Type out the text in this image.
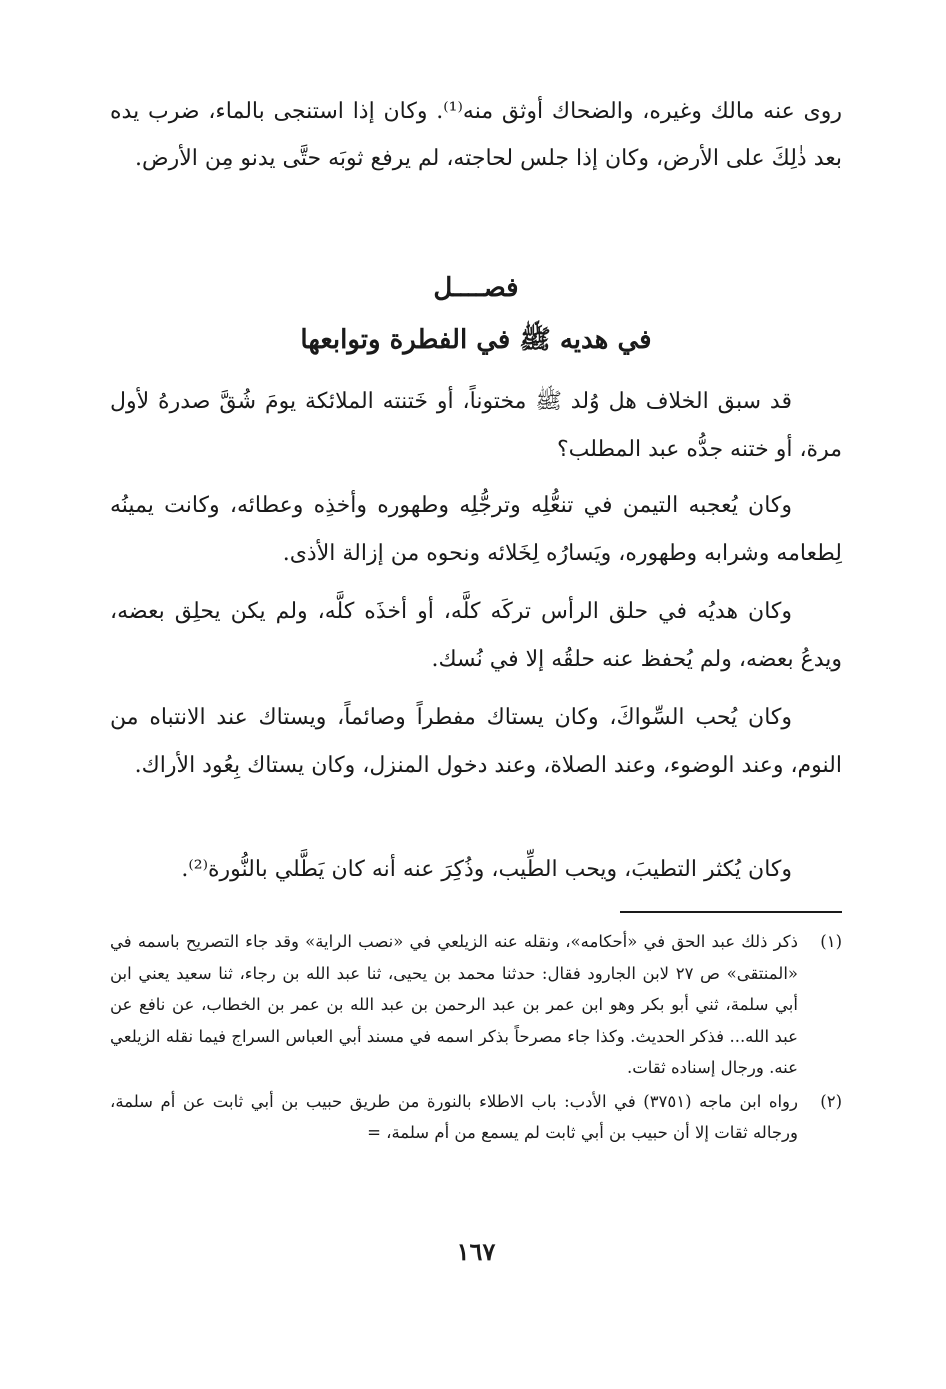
روى عنه مالك وغيره، والضحاك أوثق منه⁽¹⁾. وكان إذا استنجى بالماء، ضرب يده بعد ذٰلِكَ على الأرض، وكان إذا جلس لحاجته، لم يرفع ثوبَه حتَّى يدنو مِن الأرض.

فصــــل
في هديه ﷺ في الفطرة وتوابعها
قد سبق الخلاف هل وُلد ﷺ مختوناً، أو خَتنته الملائكة يومَ شُقَّ صدرهُ لأول مرة، أو ختنه جدُّه عبد المطلب؟
وكان يُعجبه التيمن في تنعُّلِه وترجُّلِه وطهوره وأخذِه وعطائه، وكانت يمينُه لِطعامه وشرابه وطهوره، ويَسارُه لِخَلائه ونحوه من إزالة الأذى.
وكان هديُه في حلق الرأس تركَه كلَّه، أو أخذَه كلَّه، ولم يكن يحلِق بعضه، ويدعُ بعضه، ولم يُحفظ عنه حلقُه إلا في نُسك.
وكان يُحب السِّواكَ، وكان يستاك مفطراً وصائماً، ويستاك عند الانتباه من النوم، وعند الوضوء، وعند الصلاة، وعند دخول المنزل، وكان يستاك بِعُود الأراك.
وكان يُكثر التطيبَ، ويحب الطِّيب، وذُكِرَ عنه أنه كان يَطَّلي بالنُّورة⁽²⁾.
(١)
ذكر ذلك عبد الحق في «أحكامه»، ونقله عنه الزيلعي في «نصب الراية» وقد جاء التصريح باسمه في «المنتقى» ص ٢٧ لابن الجارود فقال: حدثنا محمد بن يحيى، ثنا عبد الله بن رجاء، ثنا سعيد يعني ابن أبي سلمة، ثني أبو بكر وهو ابن عمر بن عبد الرحمن بن عبد الله بن عمر بن الخطاب، عن نافع عن عبد الله... فذكر الحديث. وكذا جاء مصرحاً بذكر اسمه في مسند أبي العباس السراج فيما نقله الزيلعي عنه. ورجال إسناده ثقات.
(٢)
رواه ابن ماجه (٣٧٥١) في الأدب: باب الاطلاء بالنورة من طريق حبيب بن أبي ثابت عن أم سلمة، ورجاله ثقات إلا أن حبيب بن أبي ثابت لم يسمع من أم سلمة، =
١٦٧
